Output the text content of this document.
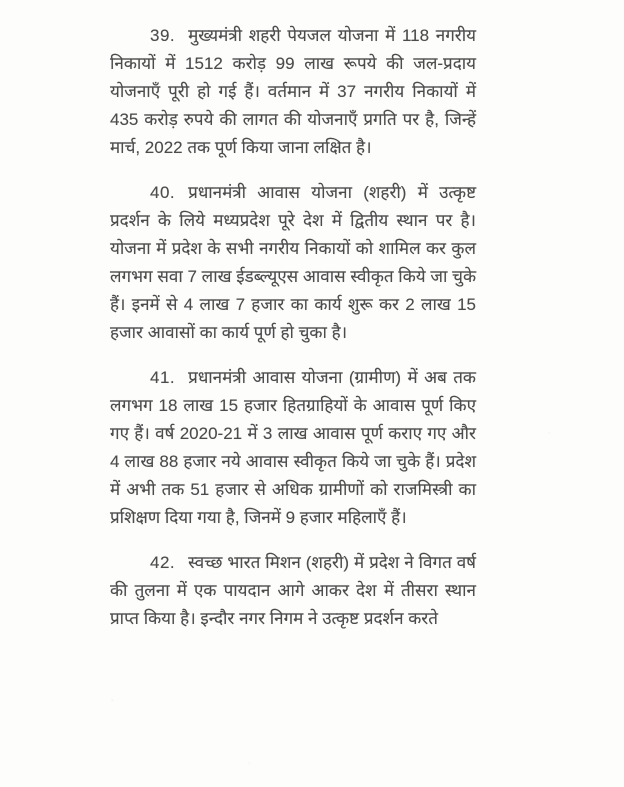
39. मुख्यमंत्री शहरी पेयजल योजना में 118 नगरीय निकायों में 1512 करोड़ 99 लाख रूपये की जल-प्रदाय योजनाएँ पूरी हो गई हैं। वर्तमान में 37 नगरीय निकायों में 435 करोड़ रुपये की लागत की योजनाएँ प्रगति पर है, जिन्हें मार्च, 2022 तक पूर्ण किया जाना लक्षित है।

40. प्रधानमंत्री आवास योजना (शहरी) में उत्कृष्ट प्रदर्शन के लिये मध्यप्रदेश पूरे देश में द्वितीय स्थान पर है। योजना में प्रदेश के सभी नगरीय निकायों को शामिल कर कुल लगभग सवा 7 लाख ईडब्ल्यूएस आवास स्वीकृत किये जा चुके हैं। इनमें से 4 लाख 7 हजार का कार्य शुरू कर 2 लाख 15 हजार आवासों का कार्य पूर्ण हो चुका है।

41. प्रधानमंत्री आवास योजना (ग्रामीण) में अब तक लगभग 18 लाख 15 हजार हितग्राहियों के आवास पूर्ण किए गए हैं। वर्ष 2020-21 में 3 लाख आवास पूर्ण कराए गए और 4 लाख 88 हजार नये आवास स्वीकृत किये जा चुके हैं। प्रदेश में अभी तक 51 हजार से अधिक ग्रामीणों को राजमिस्त्री का प्रशिक्षण दिया गया है, जिनमें 9 हजार महिलाएँ हैं।

42. स्वच्छ भारत मिशन (शहरी) में प्रदेश ने विगत वर्ष की तुलना में एक पायदान आगे आकर देश में तीसरा स्थान प्राप्त किया है। इन्दौर नगर निगम ने उत्कृष्ट प्रदर्शन करते
